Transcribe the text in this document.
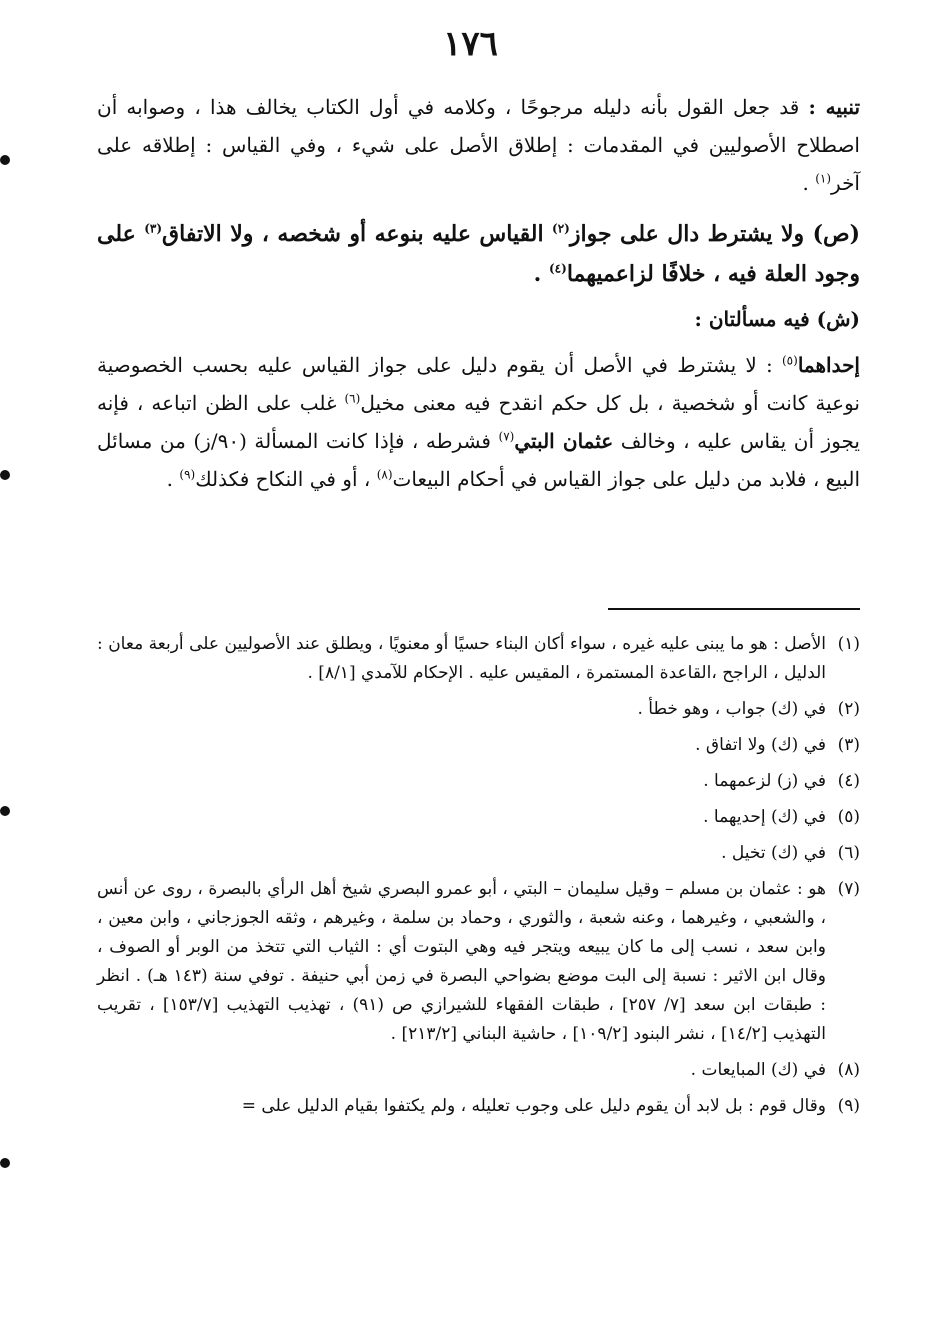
١٧٦

تنبيه : قد جعل القول بأنه دليله مرجوحًا ، وكلامه في أول الكتاب يخالف هذا ، وصوابه أن اصطلاح الأصوليين في المقدمات : إطلاق الأصل على شيء ، وفي القياس : إطلاقه على آخر$^{(١)}$ .

(ص) ولا يشترط دال على جواز$^{(٢)}$ القياس عليه بنوعه أو شخصه ، ولا الاتفاق$^{(٣)}$ على وجود العلة فيه ، خلافًا لزاعميهما$^{(٤)}$ .

(ش) فيه مسألتان :

إحداهما$^{(٥)}$ : لا يشترط في الأصل أن يقوم دليل على جواز القياس عليه بحسب الخصوصية نوعية كانت أو شخصية ، بل كل حكم انقدح فيه معنى مخيل$^{(٦)}$ غلب على الظن اتباعه ، فإنه يجوز أن يقاس عليه ، وخالف عثمان البتي$^{(٧)}$ فشرطه ، فإذا كانت المسألة (٩٠/ز) من مسائل البيع ، فلابد من دليل على جواز القياس في أحكام البيعات$^{(٨)}$ ، أو في النكاح فكذلك$^{(٩)}$ .

(١)
الأصل : هو ما يبنى عليه غيره ، سواء أكان البناء حسيًا أو معنويًا ، ويطلق عند الأصوليين على أربعة معان : الدليل ، الراجح ،القاعدة المستمرة ، المقيس عليه . الإحكام للآمدي [٨/١] .

(٢)
في (ك) جواب ، وهو خطأ .

(٣)
في (ك) ولا اتفاق .

(٤)
في (ز) لزعمهما .

(٥)
في (ك) إحديهما .

(٦)
في (ك) تخيل .

(٧)
هو : عثمان بن مسلم – وقيل سليمان – البتي ، أبو عمرو البصري شيخ أهل الرأي بالبصرة ، روى عن أنس ، والشعبي ، وغيرهما ، وعنه شعبة ، والثوري ، وحماد بن سلمة ، وغيرهم ، وثقه الجوزجاني ، وابن معين ، وابن سعد ، نسب إلى ما كان يبيعه ويتجر فيه وهي البتوت أي : الثياب التي تتخذ من الوبر أو الصوف ، وقال ابن الاثير : نسبة إلى البت موضع بضواحي البصرة في زمن أبي حنيفة . توفي سنة (١٤٣ هـ) . انظر : طبقات ابن سعد [٧/ ٢٥٧] ، طبقات الفقهاء للشيرازي ص (٩١) ، تهذيب التهذيب [١٥٣/٧] ، تقريب التهذيب [١٤/٢] ، نشر البنود [١٠٩/٢] ، حاشية البناني [٢١٣/٢] .

(٨)
في (ك) المبايعات .

(٩)
وقال قوم : بل لابد أن يقوم دليل على وجوب تعليله ، ولم يكتفوا بقيام الدليل على =
